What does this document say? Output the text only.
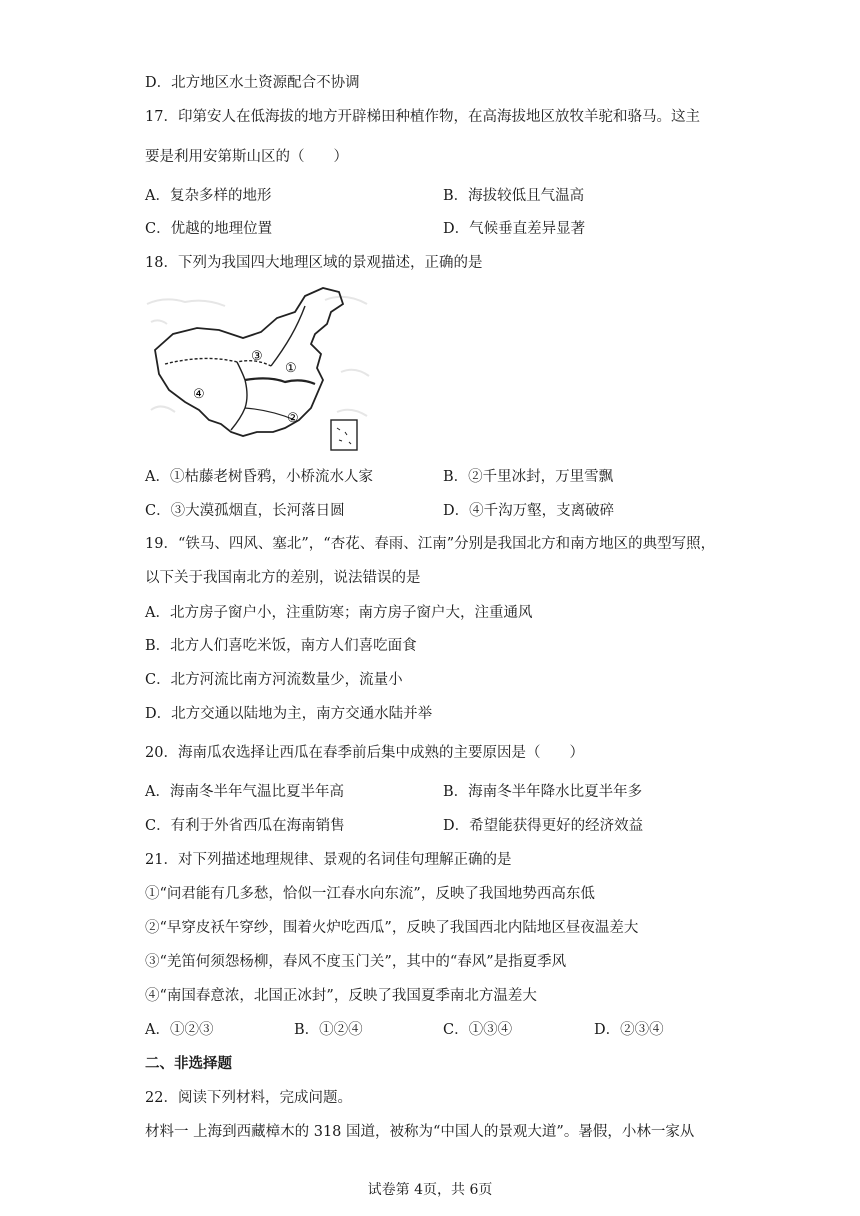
D．北方地区水土资源配合不协调
17．印第安人在低海拔的地方开辟梯田种植作物，在高海拔地区放牧羊驼和骆马。这主
要是利用安第斯山区的（　　）
A．复杂多样的地形	B．海拔较低且气温高
C．优越的地理位置	D．气候垂直差异显著
18．下列为我国四大地理区域的景观描述，正确的是
①
②
③
④
A．①枯藤老树昏鸦，小桥流水人家	B．②千里冰封，万里雪飘
C．③大漠孤烟直，长河落日圆	D．④千沟万壑，支离破碎
19．“铁马、四风、塞北”，“杏花、春雨、江南”分别是我国北方和南方地区的典型写照，
以下关于我国南北方的差别，说法错误的是
A．北方房子窗户小，注重防寒；南方房子窗户大，注重通风
B．北方人们喜吃米饭，南方人们喜吃面食
C．北方河流比南方河流数量少，流量小
D．北方交通以陆地为主，南方交通水陆并举
20．海南瓜农选择让西瓜在春季前后集中成熟的主要原因是（　　）
A．海南冬半年气温比夏半年高	B．海南冬半年降水比夏半年多
C．有利于外省西瓜在海南销售	D．希望能获得更好的经济效益
21．对下列描述地理规律、景观的名词佳句理解正确的是
①“问君能有几多愁，恰似一江春水向东流”，反映了我国地势西高东低
②“早穿皮袄午穿纱，围着火炉吃西瓜”，反映了我国西北内陆地区昼夜温差大
③“羌笛何须怨杨柳，春风不度玉门关”，其中的“春风”是指夏季风
④“南国春意浓，北国正冰封”，反映了我国夏季南北方温差大
A．①②③	B．①②④	C．①③④	D．②③④
二、非选择题
22．阅读下列材料，完成问题。
材料一 上海到西藏樟木的 318 国道，被称为“中国人的景观大道”。暑假，小林一家从
试卷第 4页，共 6页
